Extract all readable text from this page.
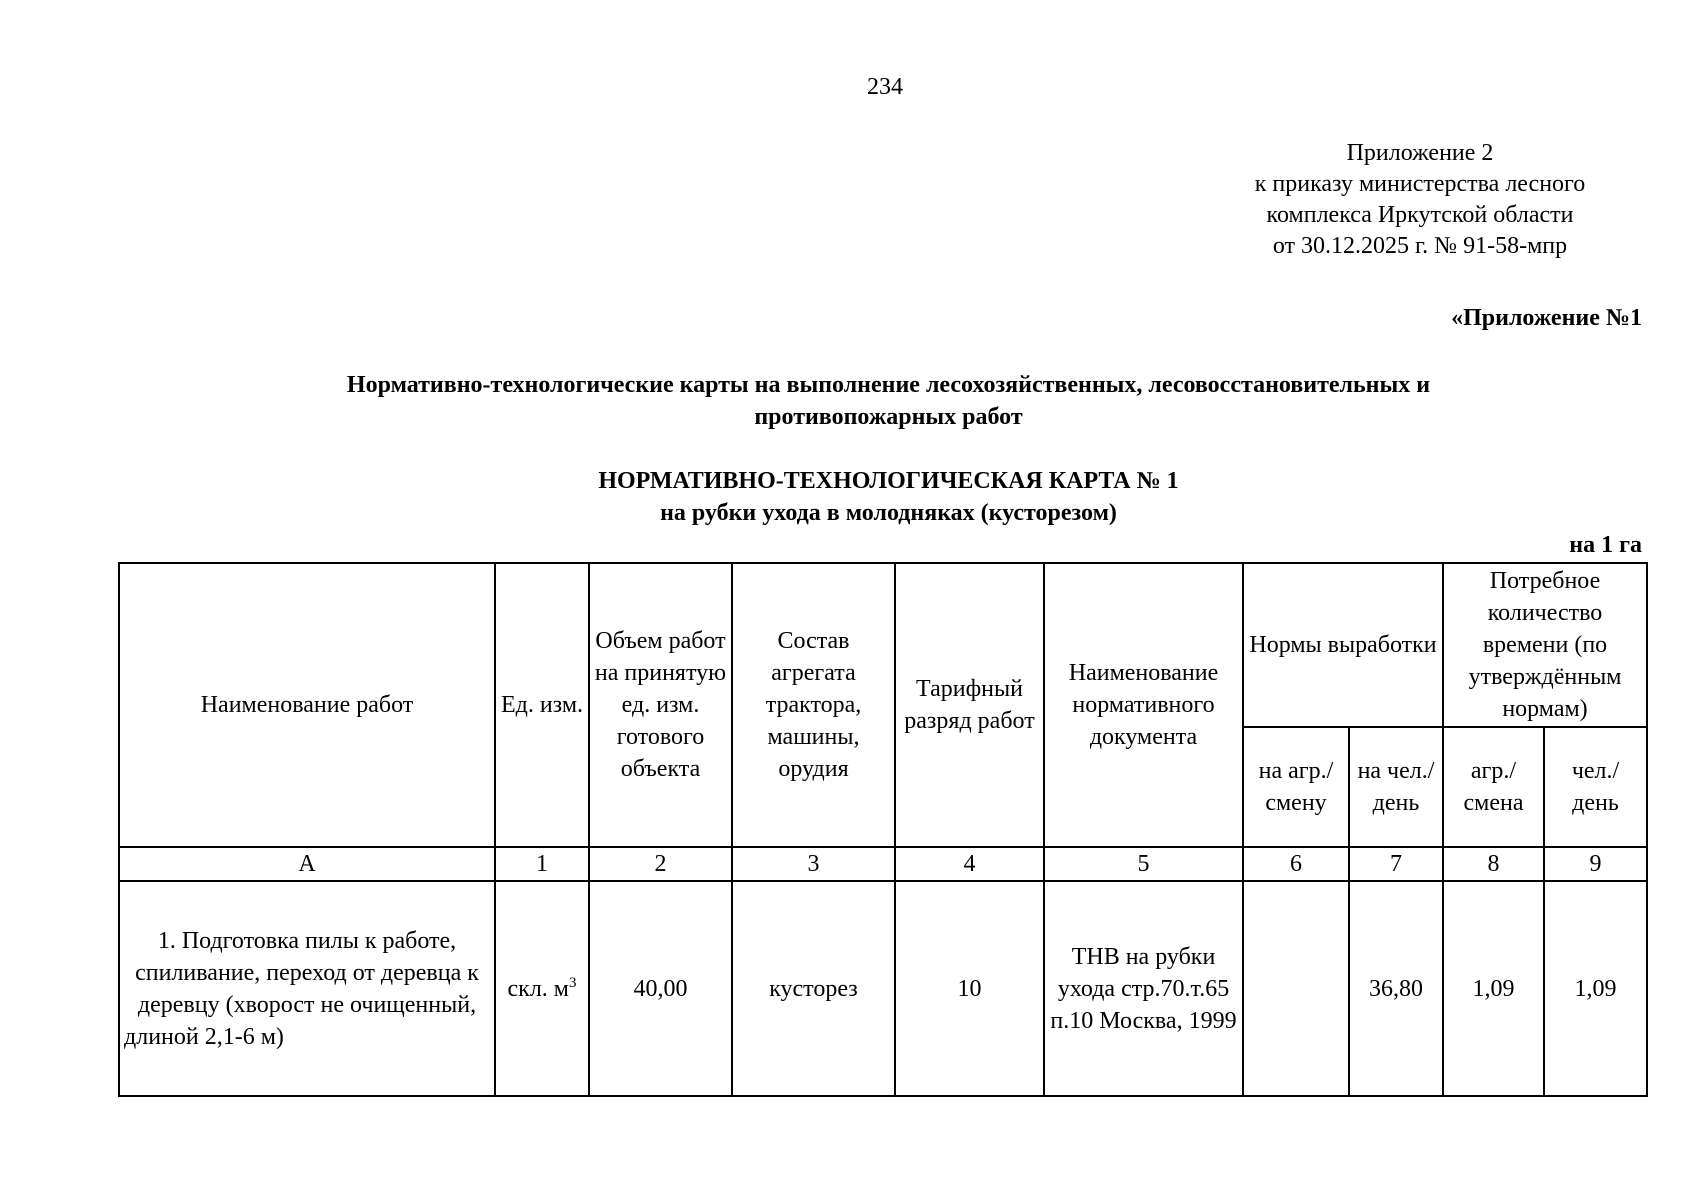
234
Приложение 2
к приказу министерства лесного
комплекса Иркутской области
от 30.12.2025 г. № 91-58-мпр
«Приложение №1
Нормативно-технологические карты на выполнение лесохозяйственных, лесовосстановительных и
противопожарных работ
НОРМАТИВНО-ТЕХНОЛОГИЧЕСКАЯ КАРТА № 1
на рубки ухода в молодняках (кусторезом)
на 1 га
Наименование работ	Ед. изм.	Объем работ на принятую ед. изм. готового объекта	Состав агрегата трактора, машины, орудия	Тарифный разряд работ	Наименование нормативного документа	Нормы выработки		Потребное количество времени (по утверждённым нормам)	
						на агр./ смену	на чел./ день	агр./ смена	чел./ день
А	1	2	3	4	5	6	7	8	9
1. Подготовка пилы к работе, спиливание, переход от деревца к деревцу (хворост не очищенный, длиной 2,1-6 м)	скл. $м^3$	40,00	кусторез	10	ТНВ на рубки ухода стр.70.т.65 п.10 Москва, 1999		36,80	1,09	1,09
